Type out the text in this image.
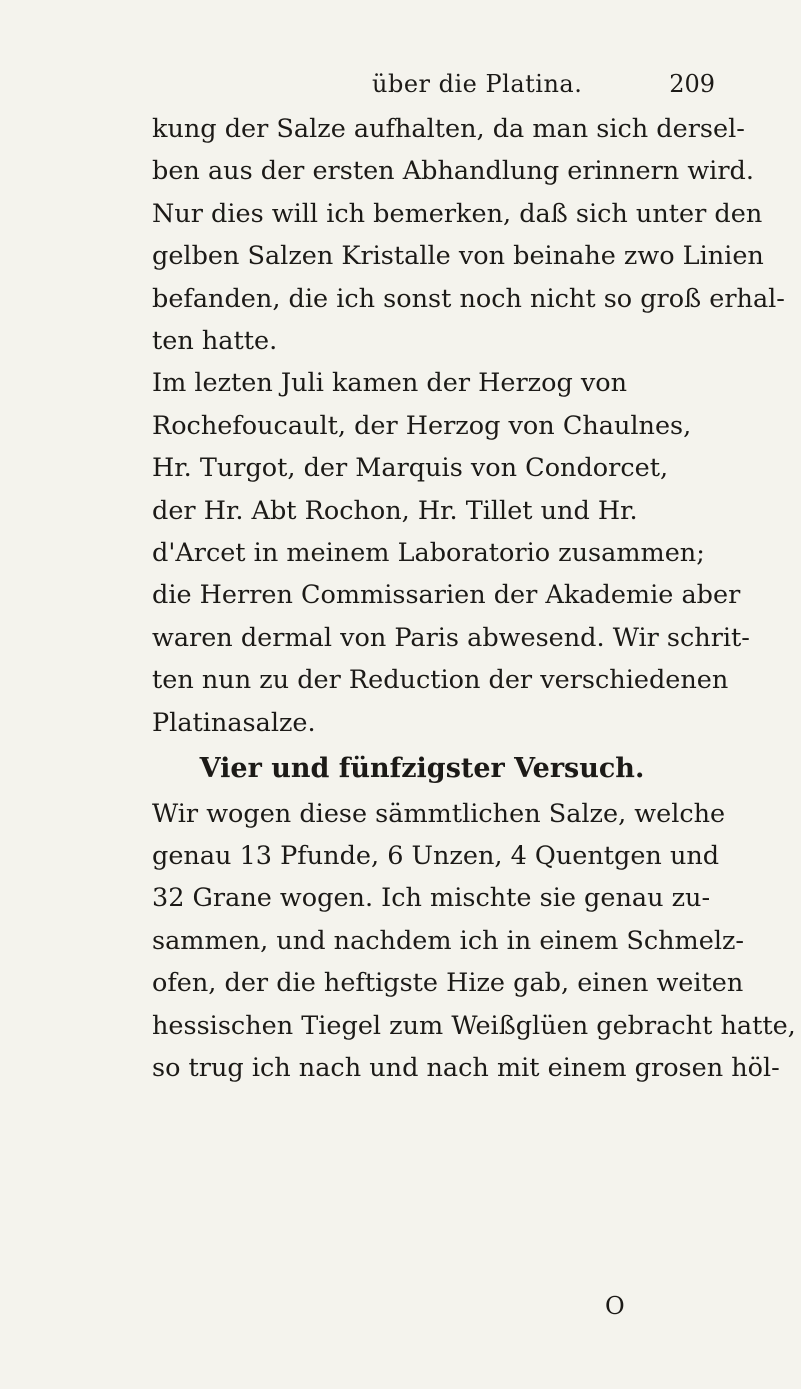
über die Platina.	209
kung der Salze aufhalten, da man sich dersel-
ben aus der ersten Abhandlung erinnern wird.
Nur dies will ich bemerken, daß sich unter den
gelben Salzen Kristalle von beinahe zwo Linien
befanden, die ich sonst noch nicht so groß erhal-
ten hatte.
Im lezten Juli kamen der Herzog von
Rochefoucault, der Herzog von Chaulnes,
Hr. Turgot, der Marquis von Condorcet,
der Hr. Abt Rochon, Hr. Tillet und Hr.
d'Arcet in meinem Laboratorio zusammen;
die Herren Commissarien der Akademie aber
waren dermal von Paris abwesend. Wir schrit-
ten nun zu der Reduction der verschiedenen
Platinasalze.
Vier und fünfzigster Versuch.
Wir wogen diese sämmtlichen Salze, welche
genau 13 Pfunde, 6 Unzen, 4 Quentgen und
32 Grane wogen. Ich mischte sie genau zu-
sammen, und nachdem ich in einem Schmelz-
ofen, der die heftigste Hize gab, einen weiten
hessischen Tiegel zum Weißglüen gebracht hatte,
so trug ich nach und nach mit einem grosen höl-
O
